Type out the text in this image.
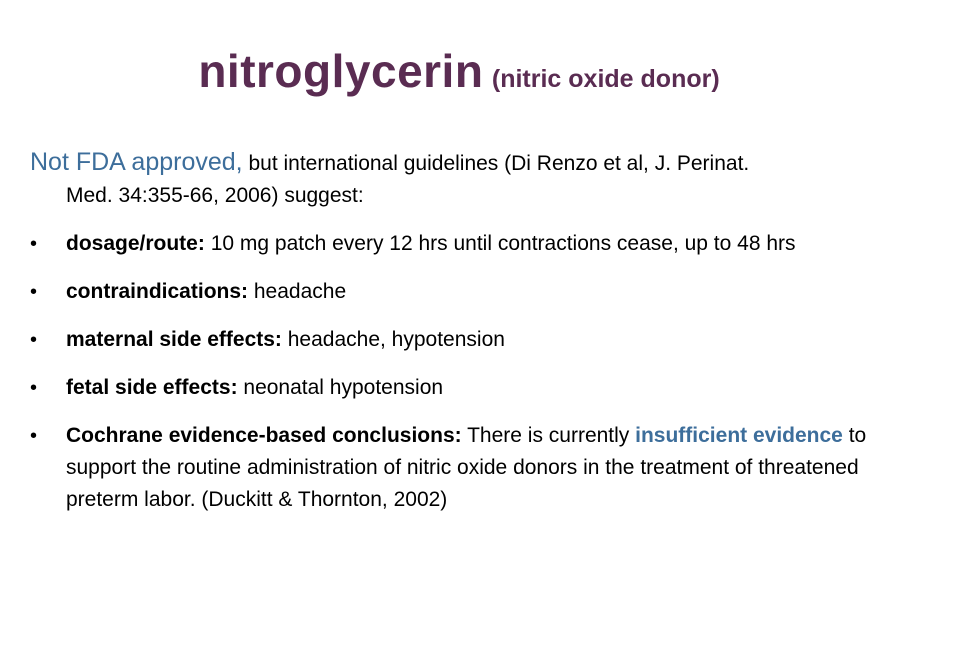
nitroglycerin (nitric oxide donor)
Not FDA approved, but international guidelines (Di Renzo et al, J. Perinat.
Med. 34:355-66, 2006) suggest:
• dosage/route: 10 mg patch every 12 hrs until contractions cease, up to 48 hrs
• contraindications: headache
• maternal side effects: headache, hypotension
• fetal side effects: neonatal hypotension
• Cochrane evidence-based conclusions: There is currently insufficient evidence to support the routine administration of nitric oxide donors in the treatment of threatened preterm labor. (Duckitt & Thornton, 2002)
